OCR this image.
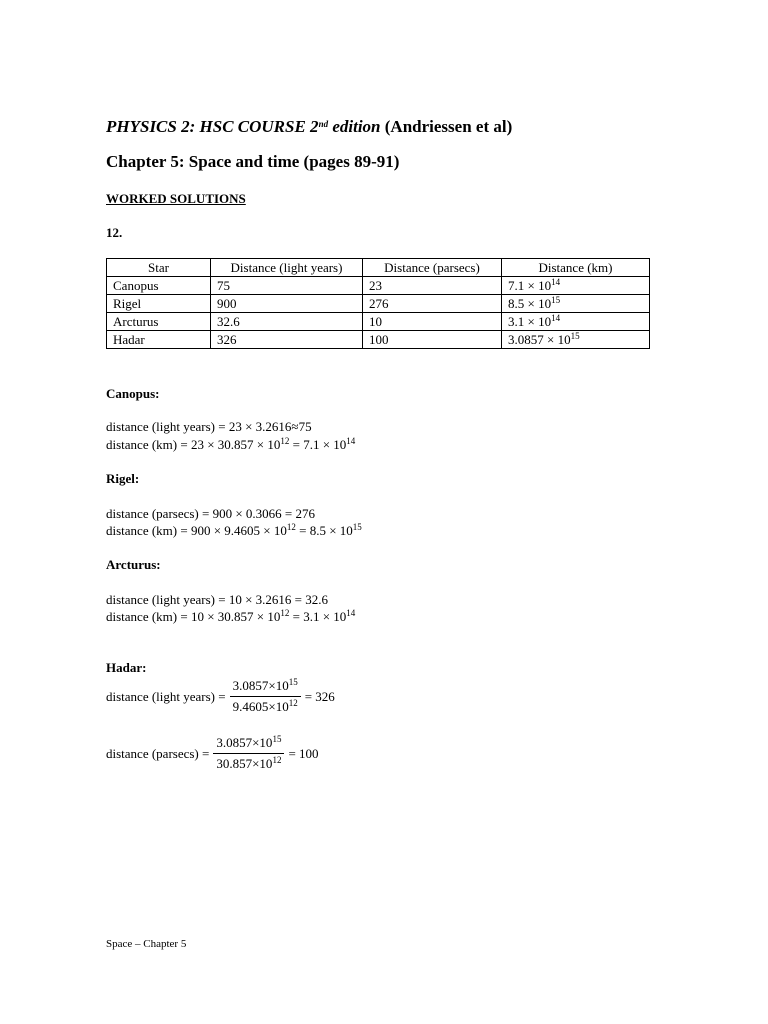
PHYSICS 2: HSC COURSE 2nd edition (Andriessen et al)
Chapter 5: Space and time (pages 89-91)
WORKED SOLUTIONS
12.
Star	Distance (light years)	Distance (parsecs)	Distance (km)
Canopus	75	23	$7.1 \times 10^{14}$
Rigel	900	276	$8.5 \times 10^{15}$
Arcturus	32.6	10	$3.1 \times 10^{14}$
Hadar	326	100	$3.0857 \times 10^{15}$
Canopus:
distance (light years) = 23 × 3.2616≈75
distance $(km) = 23 \times 30.857 \times 10^{12} = 7.1 \times 10^{14}$
Rigel:
distance (parsecs) = 900 × 0.3066 = 276
distance $(km) = 900 \times 9.4605 \times 10^{12} = 8.5 \times 10^{15}$
Arcturus:
distance (light years) = 10 × 3.2616 = 32.6
distance $(km) = 10 \times 30.857 \times 10^{12} = 3.1 \times 10^{14}$
Hadar:
distance (light years) = $\frac{3.0857\times 10^{15}}{9.4605\times 10^{12}} = 326$
distance $(parsecs) = \frac{3.0857\times 10^{15}}{30.857\times 10^{12}} = 100$
Space – Chapter 5
